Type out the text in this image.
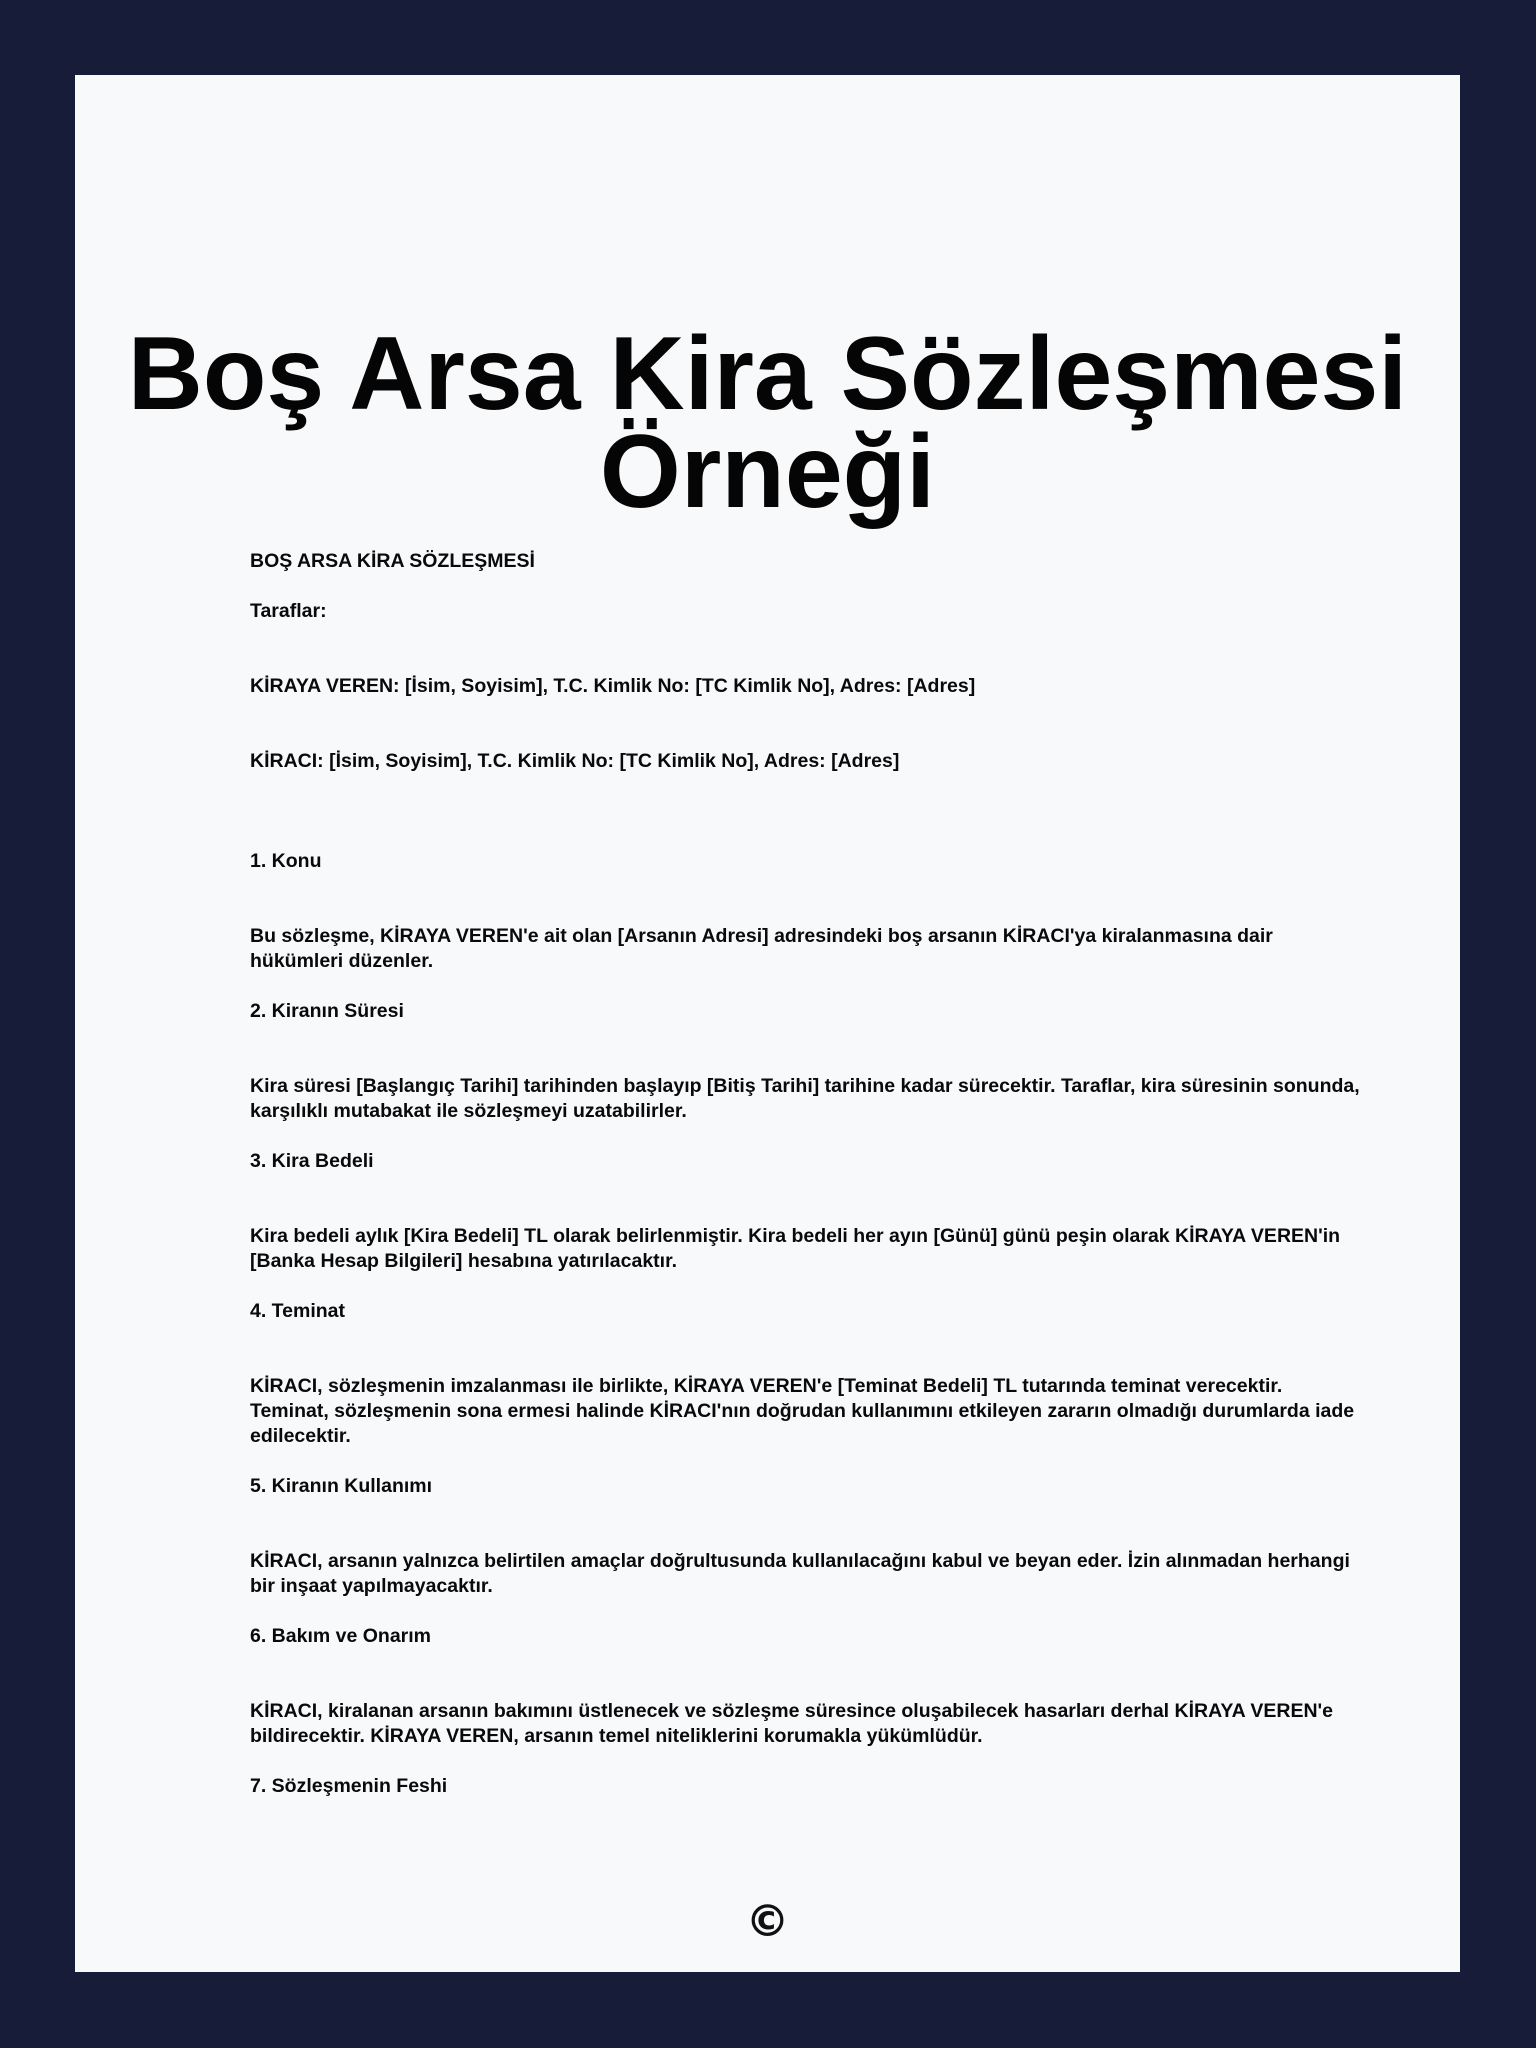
Boş Arsa Kira Sözleşmesi Örneği

BOŞ ARSA KİRA SÖZLEŞMESİ

Taraflar:

KİRAYA VEREN: [İsim, Soyisim], T.C. Kimlik No: [TC Kimlik No], Adres: [Adres]

KİRACI: [İsim, Soyisim], T.C. Kimlik No: [TC Kimlik No], Adres: [Adres]

1. Konu

Bu sözleşme, KİRAYA VEREN'e ait olan [Arsanın Adresi] adresindeki boş arsanın KİRACI'ya kiralanmasına dair hükümleri düzenler.

2. Kiranın Süresi

Kira süresi [Başlangıç Tarihi] tarihinden başlayıp [Bitiş Tarihi] tarihine kadar sürecektir. Taraflar, kira süresinin sonunda, karşılıklı mutabakat ile sözleşmeyi uzatabilirler.

3. Kira Bedeli

Kira bedeli aylık [Kira Bedeli] TL olarak belirlenmiştir. Kira bedeli her ayın [Günü] günü peşin olarak KİRAYA VEREN'in [Banka Hesap Bilgileri] hesabına yatırılacaktır.

4. Teminat

KİRACI, sözleşmenin imzalanması ile birlikte, KİRAYA VEREN'e [Teminat Bedeli] TL tutarında teminat verecektir. Teminat, sözleşmenin sona ermesi halinde KİRACI'nın doğrudan kullanımını etkileyen zararın olmadığı durumlarda iade edilecektir.

5. Kiranın Kullanımı

KİRACI, arsanın yalnızca belirtilen amaçlar doğrultusunda kullanılacağını kabul ve beyan eder. İzin alınmadan herhangi bir inşaat yapılmayacaktır.

6. Bakım ve Onarım

KİRACI, kiralanan arsanın bakımını üstlenecek ve sözleşme süresince oluşabilecek hasarları derhal KİRAYA VEREN'e bildirecektir. KİRAYA VEREN, arsanın temel niteliklerini korumakla yükümlüdür.

7. Sözleşmenin Feshi

©
